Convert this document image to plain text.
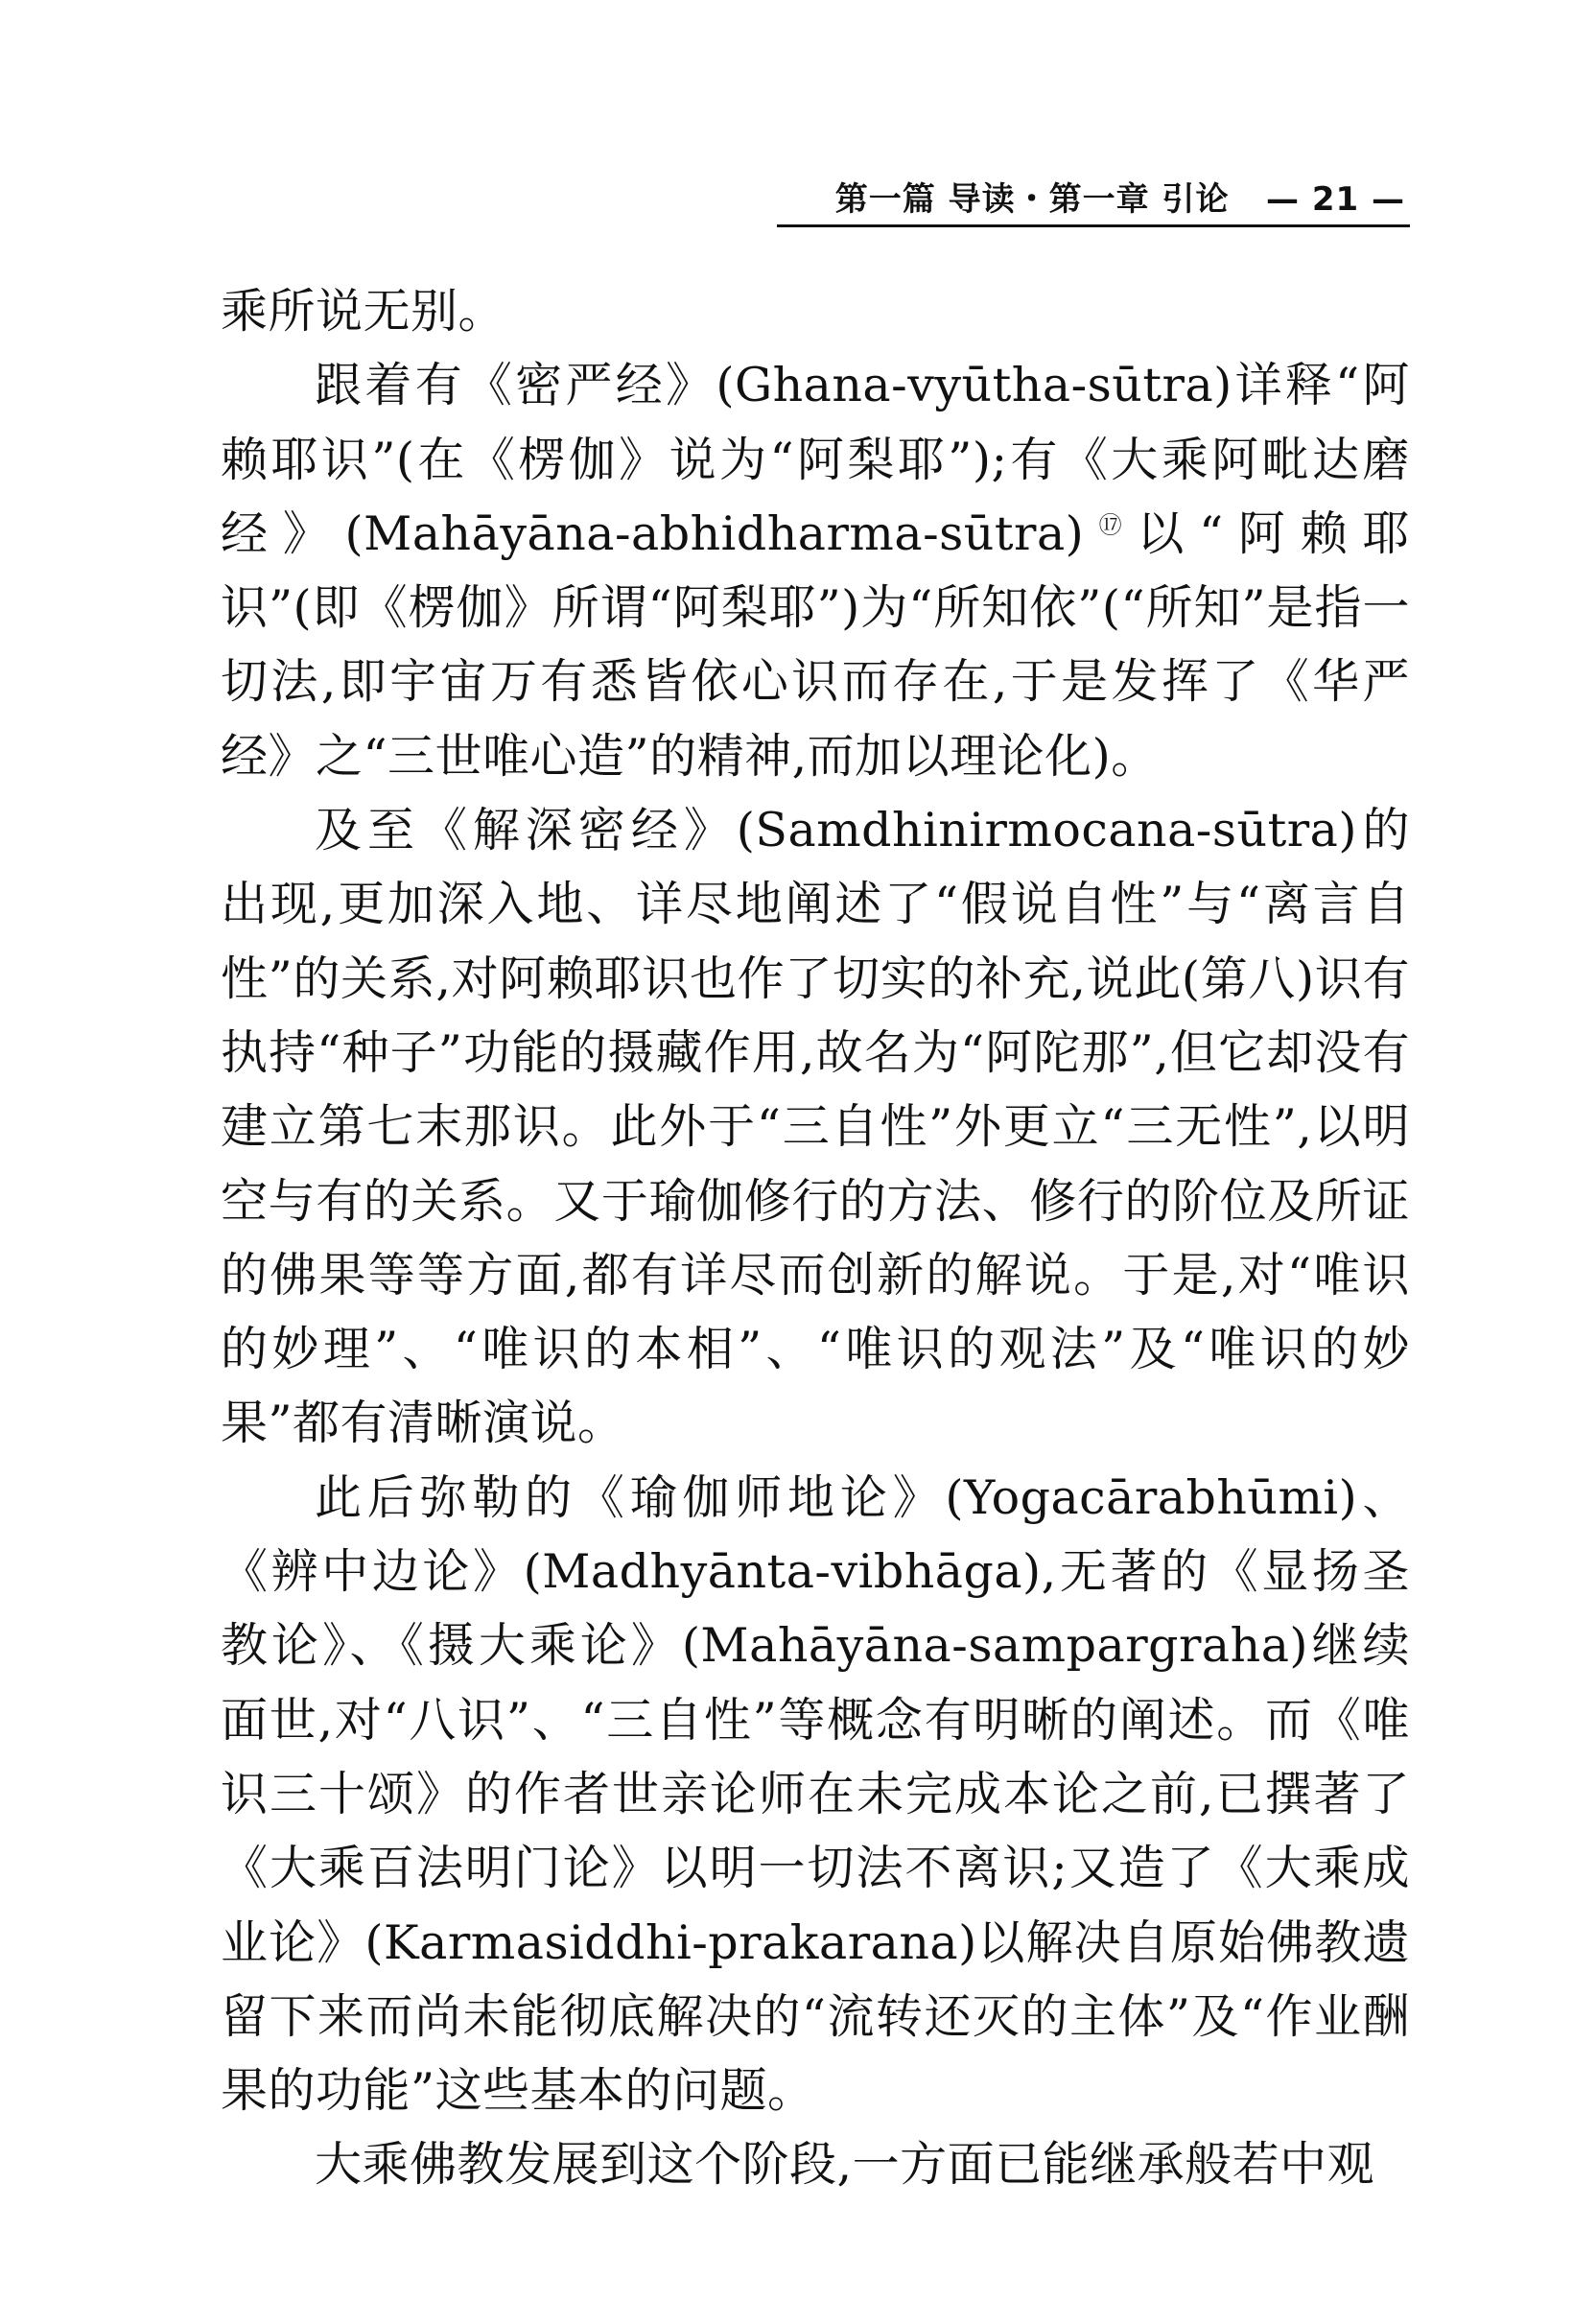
第一篇 导读・第一章 引论 — 21 —

乘所说无别。

跟着有《密严经》(Ghana-vyūtha-sūtra)详释“阿赖耶识”(在《楞伽》说为“阿梨耶”);有《大乘阿毗达磨经》(Mahāyāna-abhidharma-sūtra)⑰以“阿赖耶识”(即《楞伽》所谓“阿梨耶”)为“所知依”(“所知”是指一切法,即宇宙万有悉皆依心识而存在,于是发挥了《华严经》之“三世唯心造”的精神,而加以理论化)。

及至《解深密经》(Samdhinirmocana-sūtra)的出现,更加深入地、详尽地阐述了“假说自性”与“离言自性”的关系,对阿赖耶识也作了切实的补充,说此(第八)识有执持“种子”功能的摄藏作用,故名为“阿陀那”,但它却没有建立第七末那识。此外于“三自性”外更立“三无性”,以明空与有的关系。又于瑜伽修行的方法、修行的阶位及所证的佛果等等方面,都有详尽而创新的解说。于是,对“唯识的妙理”、“唯识的本相”、“唯识的观法”及“唯识的妙果”都有清晰演说。

此后弥勒的《瑜伽师地论》(Yogacārabhūmi)、《辨中边论》(Madhyānta-vibhāga),无著的《显扬圣教论》、《摄大乘论》(Mahāyāna-sampargraha)继续面世,对“八识”、“三自性”等概念有明晰的阐述。而《唯识三十颂》的作者世亲论师在未完成本论之前,已撰著了《大乘百法明门论》以明一切法不离识;又造了《大乘成业论》(Karmasiddhi-prakarana)以解决自原始佛教遗留下来而尚未能彻底解决的“流转还灭的主体”及“作业酬果的功能”这些基本的问题。

大乘佛教发展到这个阶段,一方面已能继承般若中观
